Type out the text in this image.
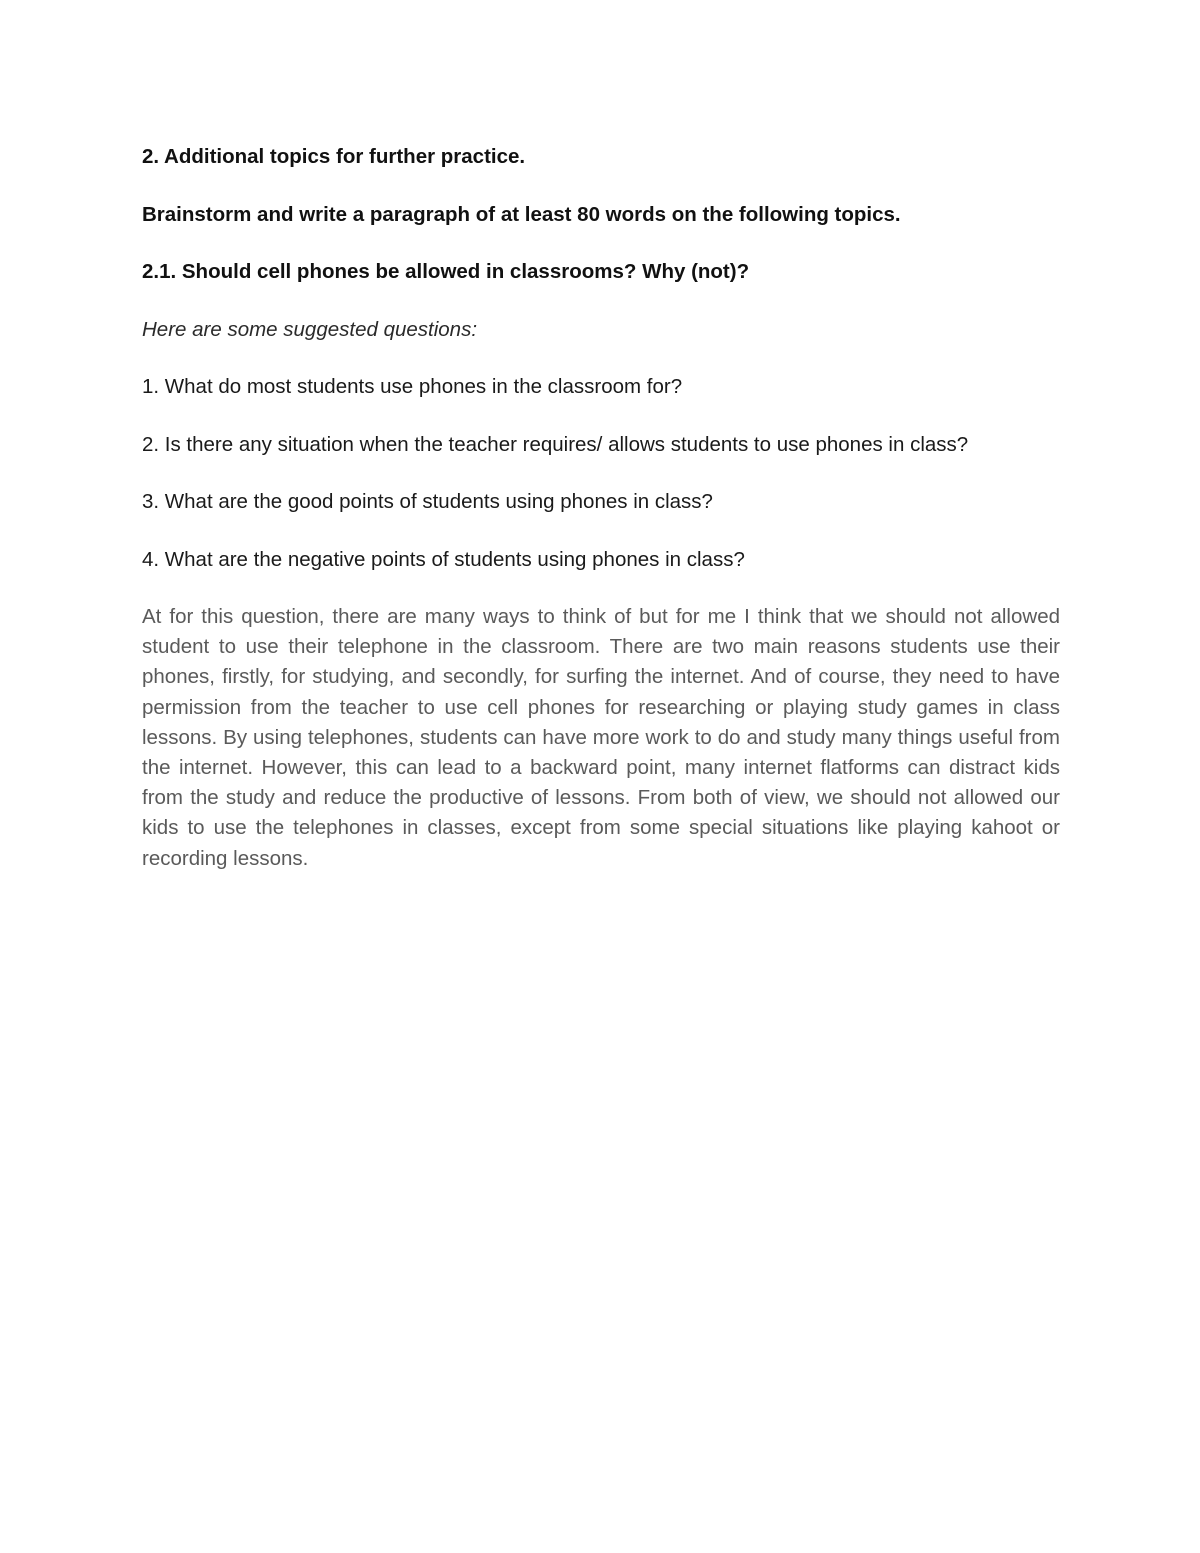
2. Additional topics for further practice.

Brainstorm and write a paragraph of at least 80 words on the following topics.

2.1. Should cell phones be allowed in classrooms? Why (not)?

Here are some suggested questions:

1. What do most students use phones in the classroom for?

2. Is there any situation when the teacher requires/ allows students to use phones in class?

3. What are the good points of students using phones in class?

4. What are the negative points of students using phones in class?

At for this question, there are many ways to think of but for me I think that we should not allowed student to use their telephone in the classroom. There are two main reasons students use their phones, firstly, for studying, and secondly, for surfing the internet. And of course, they need to have permission from the teacher to use cell phones for researching or playing study games in class lessons. By using telephones, students can have more work to do and study many things useful from the internet. However, this can lead to a backward point, many internet flatforms can distract kids from the study and reduce the productive of lessons. From both of view, we should not allowed our kids to use the telephones in classes, except from some special situations like playing kahoot or recording lessons.
